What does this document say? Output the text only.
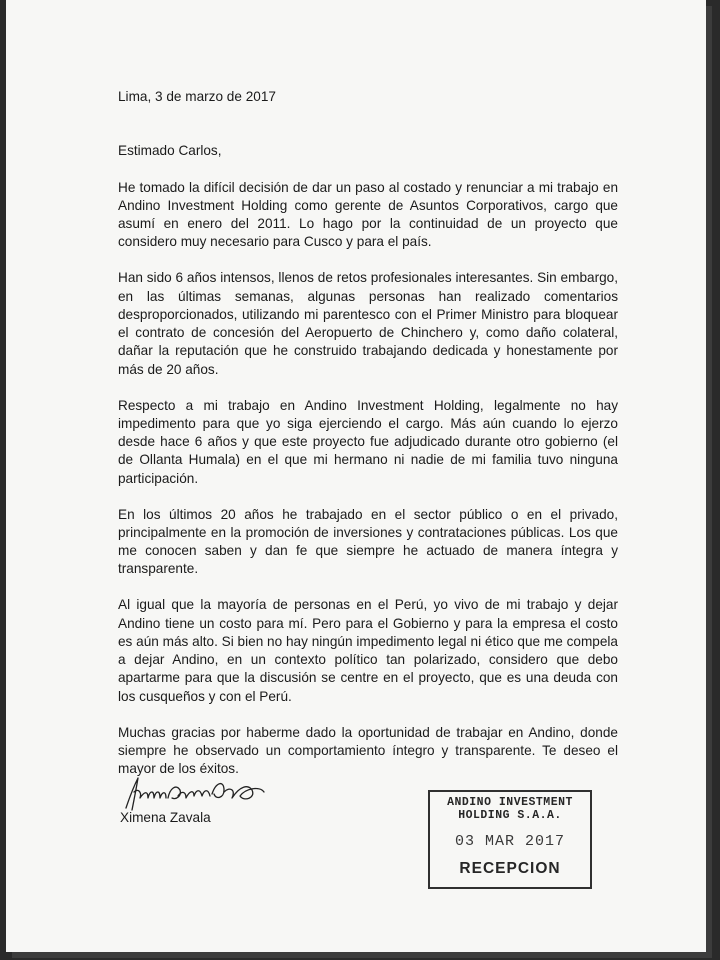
Lima, 3 de marzo de 2017
Estimado Carlos,

He tomado la difícil decisión de dar un paso al costado y renunciar a mi trabajo en Andino Investment Holding como gerente de Asuntos Corporativos, cargo que asumí en enero del 2011. Lo hago por la continuidad de un proyecto que considero muy necesario para Cusco y para el país.

Han sido 6 años intensos, llenos de retos profesionales interesantes. Sin embargo, en las últimas semanas, algunas personas han realizado comentarios desproporcionados, utilizando mi parentesco con el Primer Ministro para bloquear el contrato de concesión del Aeropuerto de Chinchero y, como daño colateral, dañar la reputación que he construido trabajando dedicada y honestamente por más de 20 años.

Respecto a mi trabajo en Andino Investment Holding, legalmente no hay impedimento para que yo siga ejerciendo el cargo. Más aún cuando lo ejerzo desde hace 6 años y que este proyecto fue adjudicado durante otro gobierno (el de Ollanta Humala) en el que mi hermano ni nadie de mi familia tuvo ninguna participación.

En los últimos 20 años he trabajado en el sector público o en el privado, principalmente en la promoción de inversiones y contrataciones públicas. Los que me conocen saben y dan fe que siempre he actuado de manera íntegra y transparente.

Al igual que la mayoría de personas en el Perú, yo vivo de mi trabajo y dejar Andino tiene un costo para mí. Pero para el Gobierno y para la empresa el costo es aún más alto. Si bien no hay ningún impedimento legal ni ético que me compela a dejar Andino, en un contexto político tan polarizado, considero que debo apartarme para que la discusión se centre en el proyecto, que es una deuda con los cusqueños y con el Perú.

Muchas gracias por haberme dado la oportunidad de trabajar en Andino, donde siempre he observado un comportamiento íntegro y transparente. Te deseo el mayor de los éxitos.

Ximena Zavala
ANDINO INVESTMENT
HOLDING S.A.A.
03 MAR 2017
RECEPCION
